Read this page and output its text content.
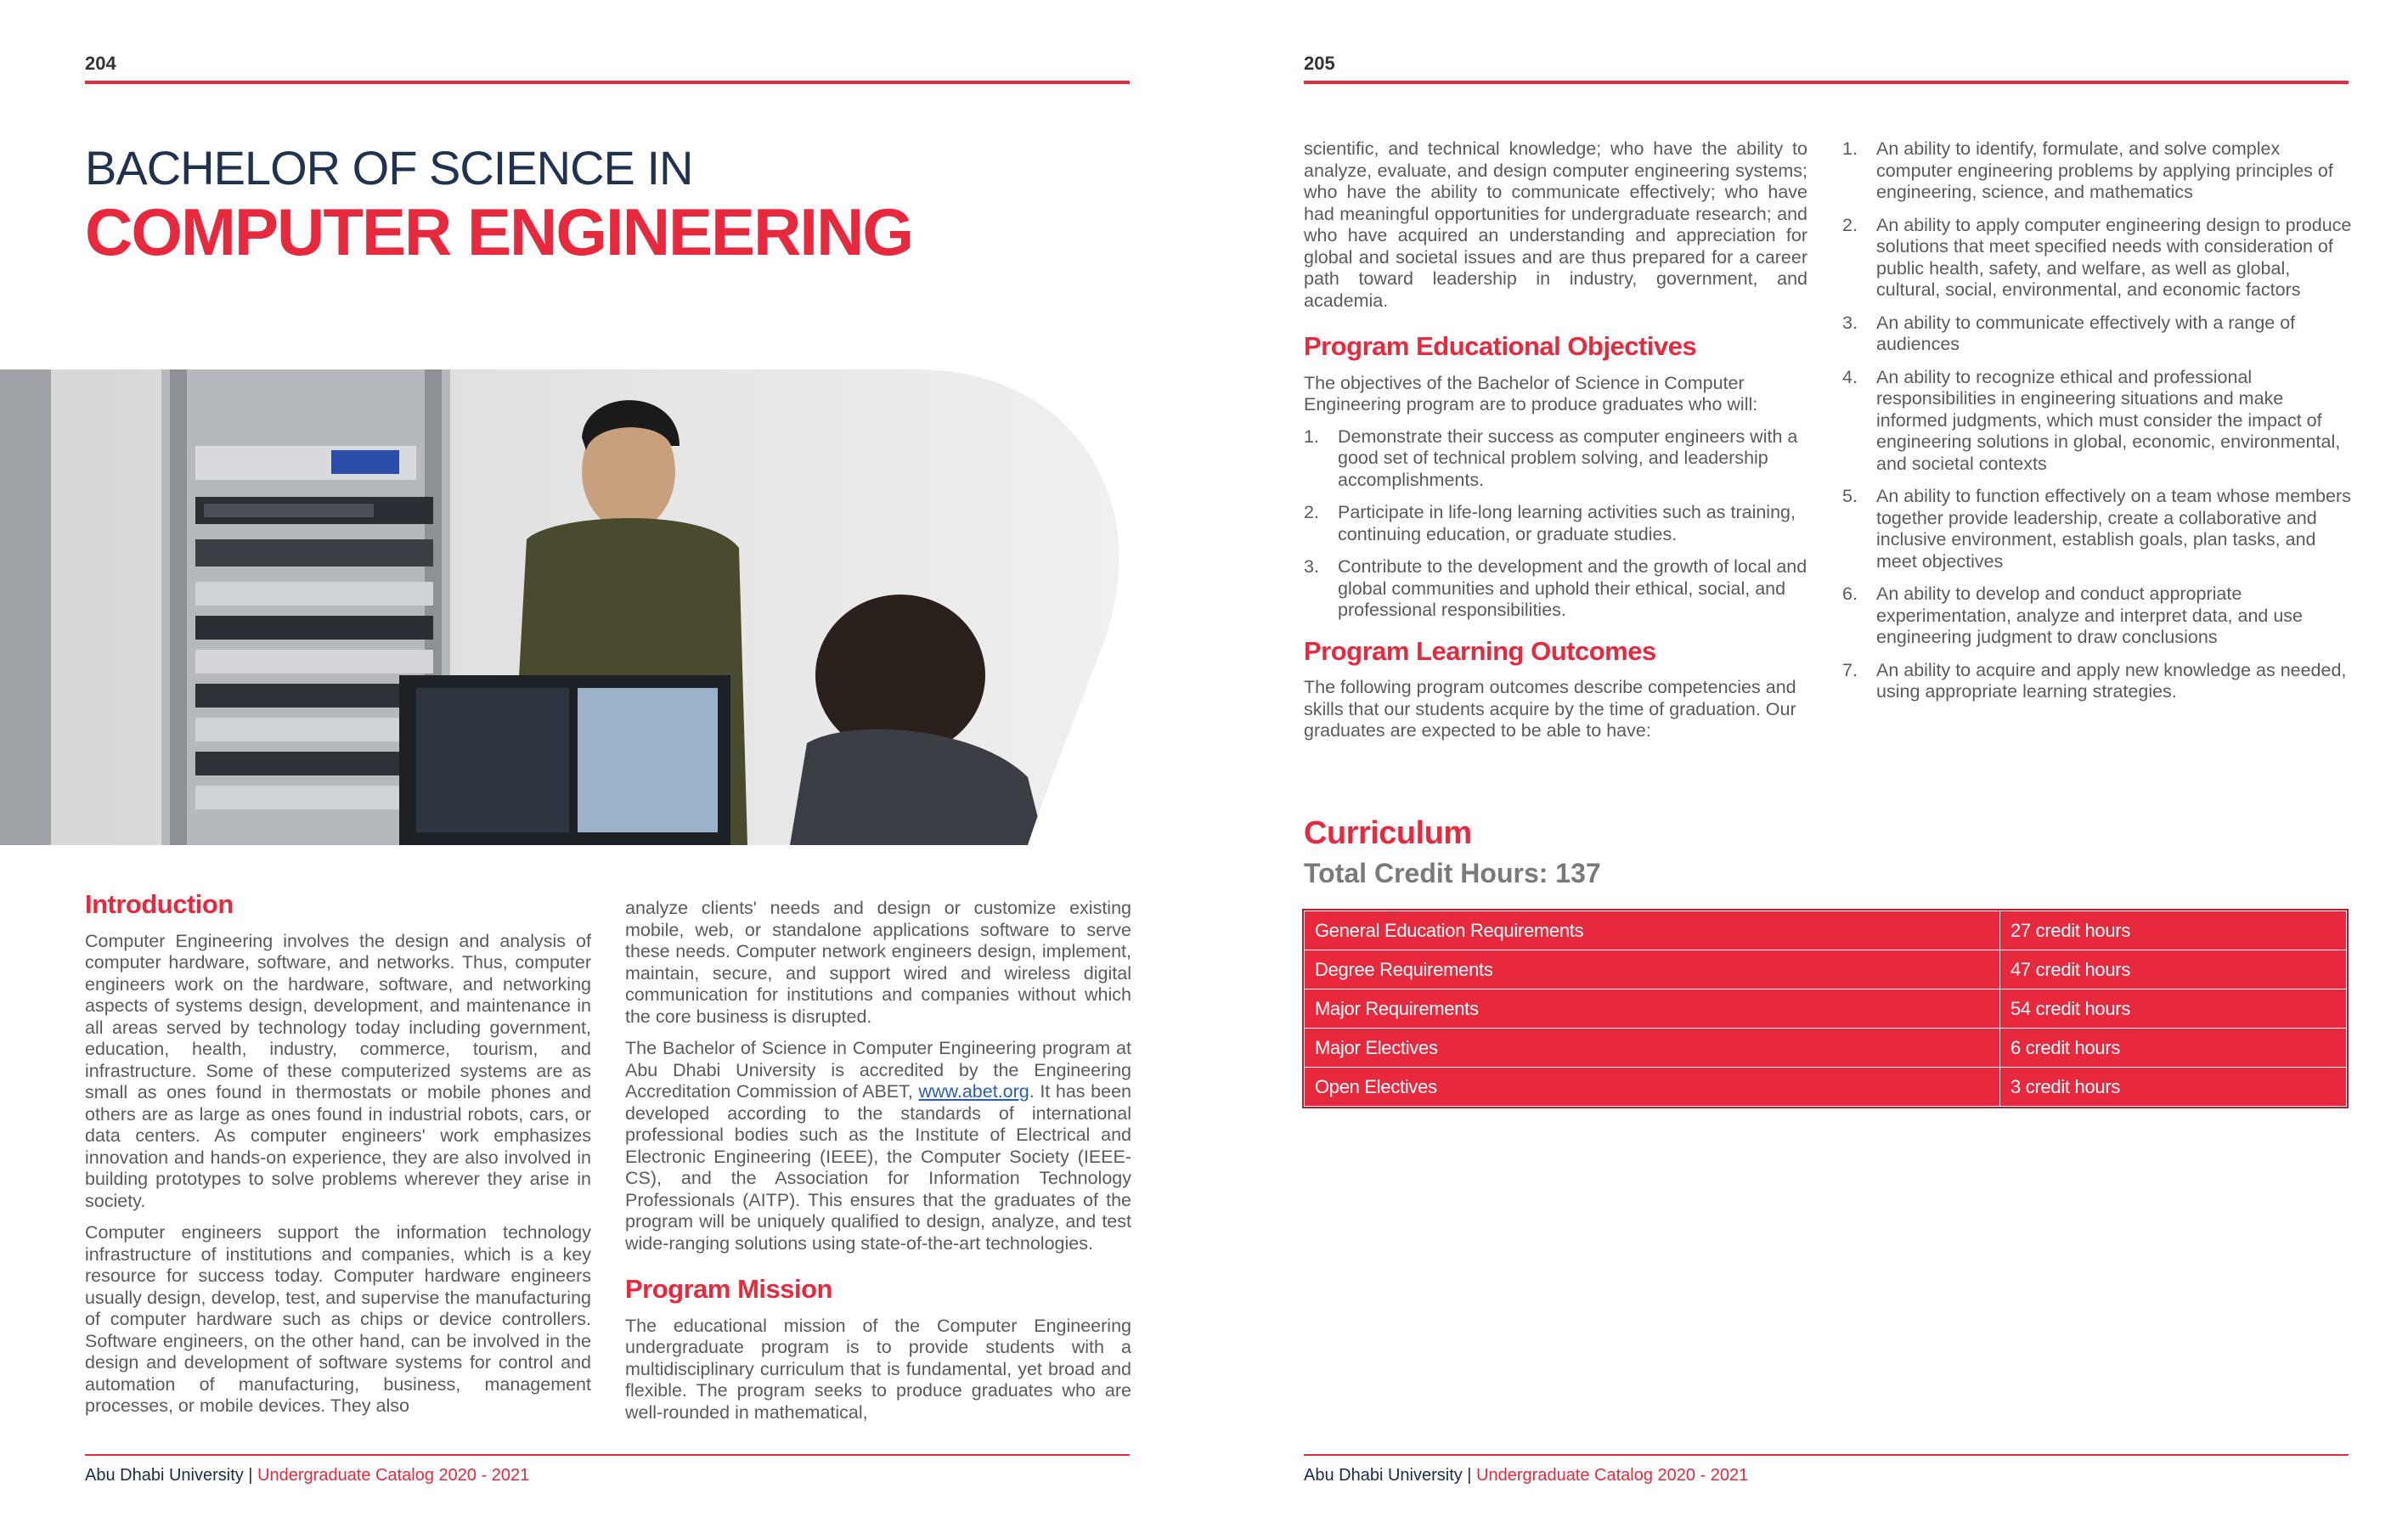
204
BACHELOR OF SCIENCE IN
COMPUTER ENGINEERING
Introduction

Computer Engineering involves the design and analysis of computer hardware, software, and networks. Thus, computer engineers work on the hardware, software, and networking aspects of systems design, development, and maintenance in all areas served by technology today including government, education, health, industry, commerce, tourism, and infrastructure. Some of these computerized systems are as small as ones found in thermostats or mobile phones and others are as large as ones found in industrial robots, cars, or data centers. As computer engineers' work emphasizes innovation and hands-on experience, they are also involved in building prototypes to solve problems wherever they arise in society.

Computer engineers support the information technology infrastructure of institutions and companies, which is a key resource for success today. Computer hardware engineers usually design, develop, test, and supervise the manufacturing of computer hardware such as chips or device controllers. Software engineers, on the other hand, can be involved in the design and development of software systems for control and automation of manufacturing, business, management processes, or mobile devices. They also

analyze clients' needs and design or customize existing mobile, web, or standalone applications software to serve these needs. Computer network engineers design, implement, maintain, secure, and support wired and wireless digital communication for institutions and companies without which the core business is disrupted.

The Bachelor of Science in Computer Engineering program at Abu Dhabi University is accredited by the Engineering Accreditation Commission of ABET, www.abet.org. It has been developed according to the standards of international professional bodies such as the Institute of Electrical and Electronic Engineering (IEEE), the Computer Society (IEEE-CS), and the Association for Information Technology Professionals (AITP). This ensures that the graduates of the program will be uniquely qualified to design, analyze, and test wide-ranging solutions using state-of-the-art technologies.

Program Mission

The educational mission of the Computer Engineering undergraduate program is to provide students with a multidisciplinary curriculum that is fundamental, yet broad and flexible. The program seeks to produce graduates who are well-rounded in mathematical,

Abu Dhabi University | Undergraduate Catalog 2020 - 2021
205

scientific, and technical knowledge; who have the ability to analyze, evaluate, and design computer engineering systems; who have the ability to communicate effectively; who have had meaningful opportunities for undergraduate research; and who have acquired an understanding and appreciation for global and societal issues and are thus prepared for a career path toward leadership in industry, government, and academia.

Program Educational Objectives

The objectives of the Bachelor of Science in Computer Engineering program are to produce graduates who will:

1. Demonstrate their success as computer engineers with a good set of technical problem solving, and leadership accomplishments.
2. Participate in life-long learning activities such as training, continuing education, or graduate studies.
3. Contribute to the development and the growth of local and global communities and uphold their ethical, social, and professional responsibilities.
Program Learning Outcomes

The following program outcomes describe competencies and skills that our students acquire by the time of graduation. Our graduates are expected to be able to have:

1. An ability to identify, formulate, and solve complex computer engineering problems by applying principles of engineering, science, and mathematics
2. An ability to apply computer engineering design to produce solutions that meet specified needs with consideration of public health, safety, and welfare, as well as global, cultural, social, environmental, and economic factors
3. An ability to communicate effectively with a range of audiences
4. An ability to recognize ethical and professional responsibilities in engineering situations and make informed judgments, which must consider the impact of engineering solutions in global, economic, environmental, and societal contexts
5. An ability to function effectively on a team whose members together provide leadership, create a collaborative and inclusive environment, establish goals, plan tasks, and meet objectives
6. An ability to develop and conduct appropriate experimentation, analyze and interpret data, and use engineering judgment to draw conclusions
7. An ability to acquire and apply new knowledge as needed, using appropriate learning strategies.
Curriculum
Total Credit Hours: 137
General Education Requirements	27 credit hours
Degree Requirements	47 credit hours
Major Requirements	54 credit hours
Major Electives	6 credit hours
Open Electives	3 credit hours
Abu Dhabi University | Undergraduate Catalog 2020 - 2021
